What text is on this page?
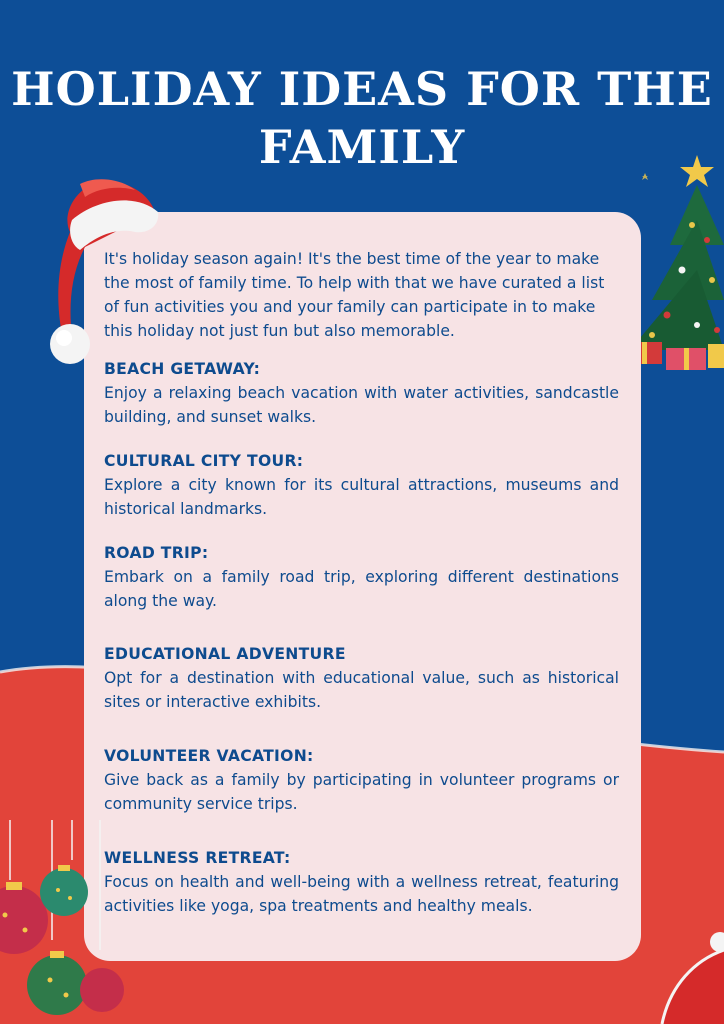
HOLIDAY IDEAS FOR THE FAMILY

It's holiday season again! It's the best time of the year to make the most of family time. To help with that we have curated a list of fun activities you and your family can participate in to make this holiday not just fun but also memorable.

BEACH GETAWAY:

Enjoy a relaxing beach vacation with water activities, sandcastle building, and sunset walks.

CULTURAL CITY TOUR:

Explore a city known for its cultural attractions, museums and historical landmarks.

ROAD TRIP:

Embark on a family road trip, exploring different destinations along the way.

EDUCATIONAL ADVENTURE

Opt for a destination with educational value, such as historical sites or interactive exhibits.

VOLUNTEER VACATION:

Give back as a family by participating in volunteer programs or community service trips.

WELLNESS RETREAT:

Focus on health and well-being with a wellness retreat, featuring activities like yoga, spa treatments and healthy meals.
